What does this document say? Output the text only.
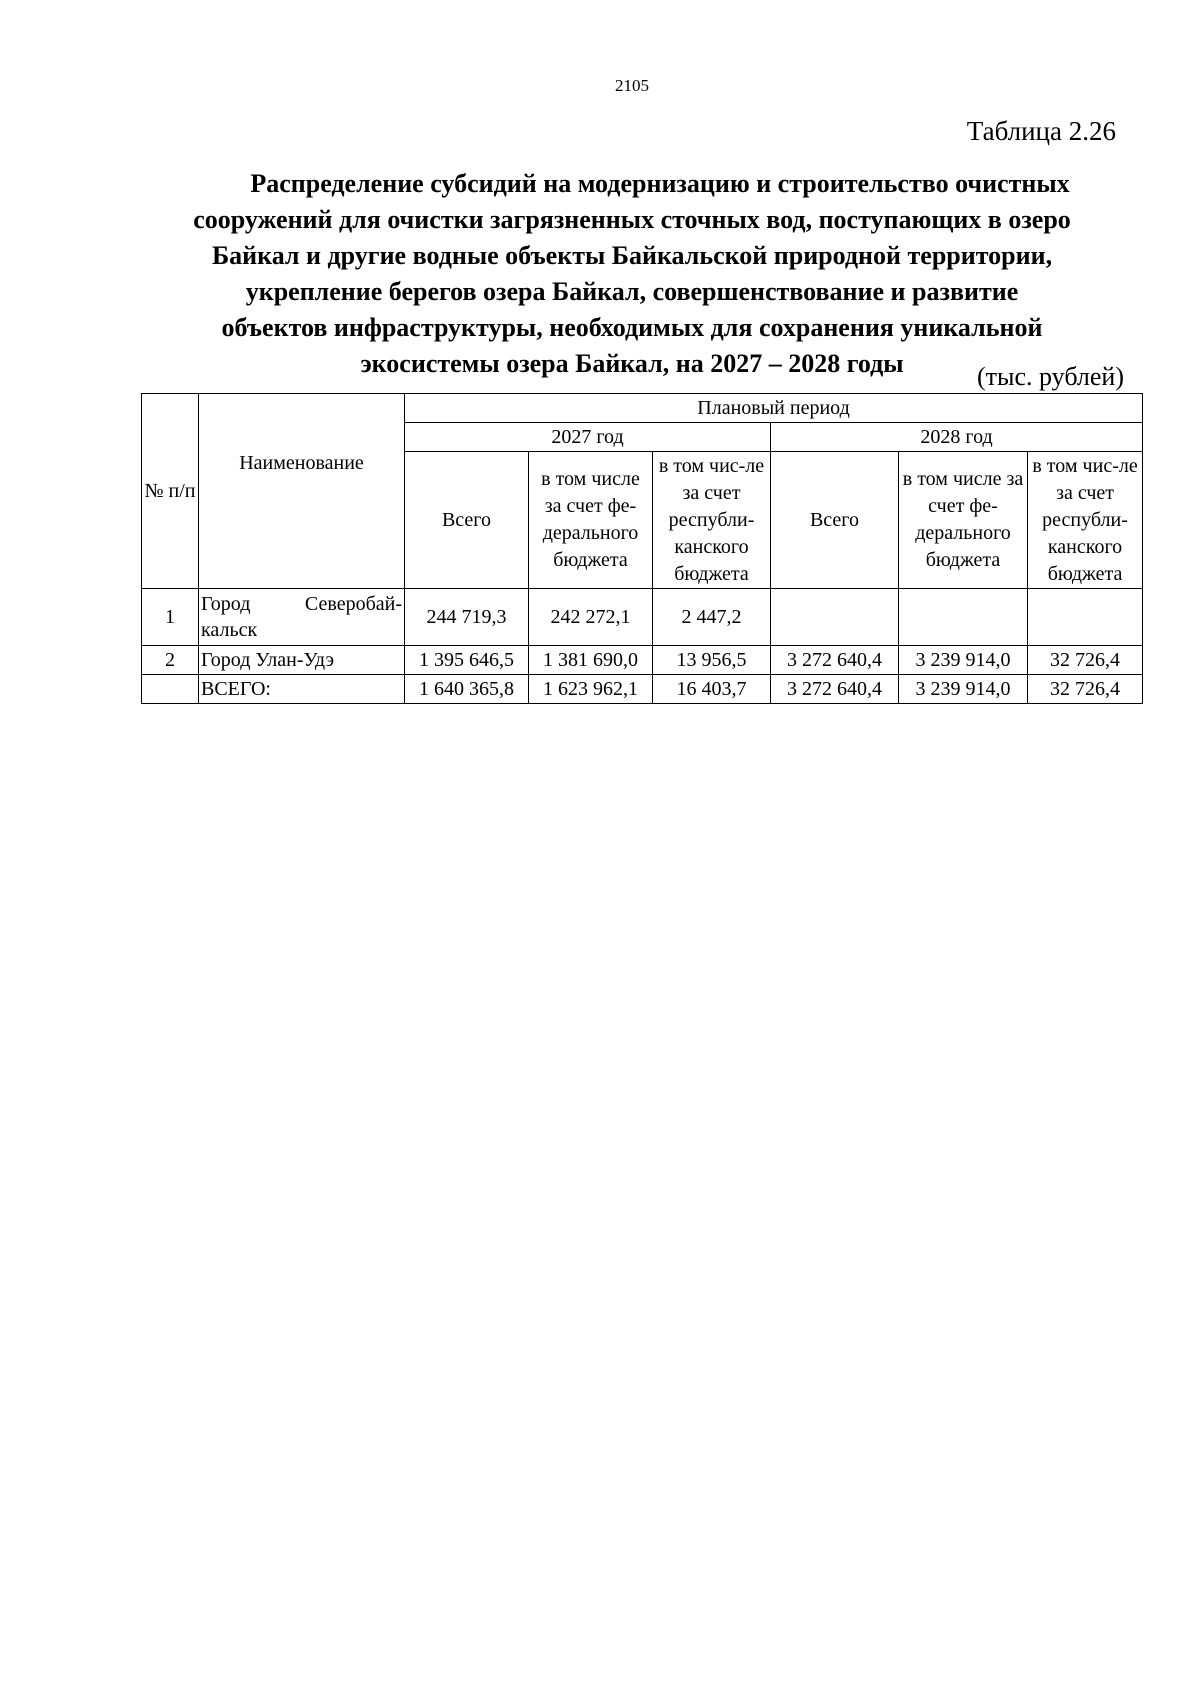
2105
Таблица 2.26
Распределение субсидий на модернизацию и строительство очистных
сооружений для очистки загрязненных сточных вод, поступающих в озеро
Байкал и другие водные объекты Байкальской природной территории,
укрепление берегов озера Байкал, совершенствование и развитие
объектов инфраструктуры, необходимых для сохранения уникальной
экосистемы озера Байкал, на 2027 – 2028 годы	(тыс. рублей)
№ п/п	Наименование	Плановый период					
		2027 год			2028 год		
		Всего	в том числе за счет фе-дерального бюджета	в том чис-ле за счет республи-канского бюджета	Всего	в том числе за счет фе-дерального бюджета	в том чис-ле за счет республи-канского бюджета
1	Город Северобай-кальск	244 719,3	242 272,1	2 447,2			
2	Город Улан-Удэ	1 395 646,5	1 381 690,0	13 956,5	3 272 640,4	3 239 914,0	32 726,4
	ВСЕГО:	1 640 365,8	1 623 962,1	16 403,7	3 272 640,4	3 239 914,0	32 726,4
